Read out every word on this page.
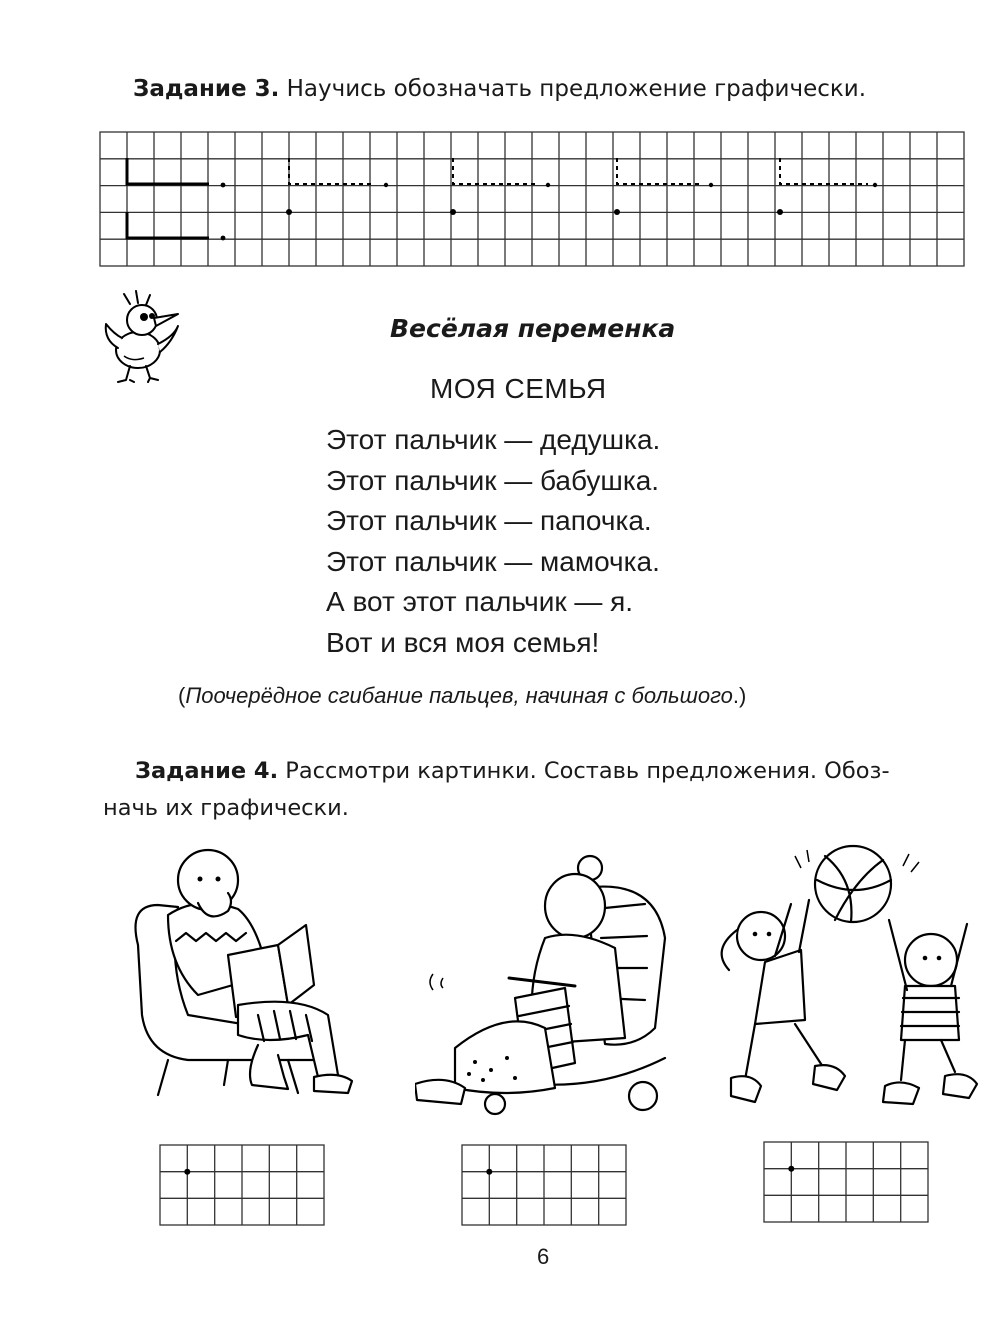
Задание 3. Научись обозначать предложение графически.
Весёлая переменка
МОЯ СЕМЬЯ
Этот пальчик — дедушка.
Этот пальчик — бабушка.
Этот пальчик — папочка.
Этот пальчик — мамочка.
А вот этот пальчик — я.
Вот и вся моя семья!
(Поочерёдное сгибание пальцев, начиная с большого.)
Задание 4. Рассмотри картинки. Составь предложения. Обоз-
начь их графически.
6
